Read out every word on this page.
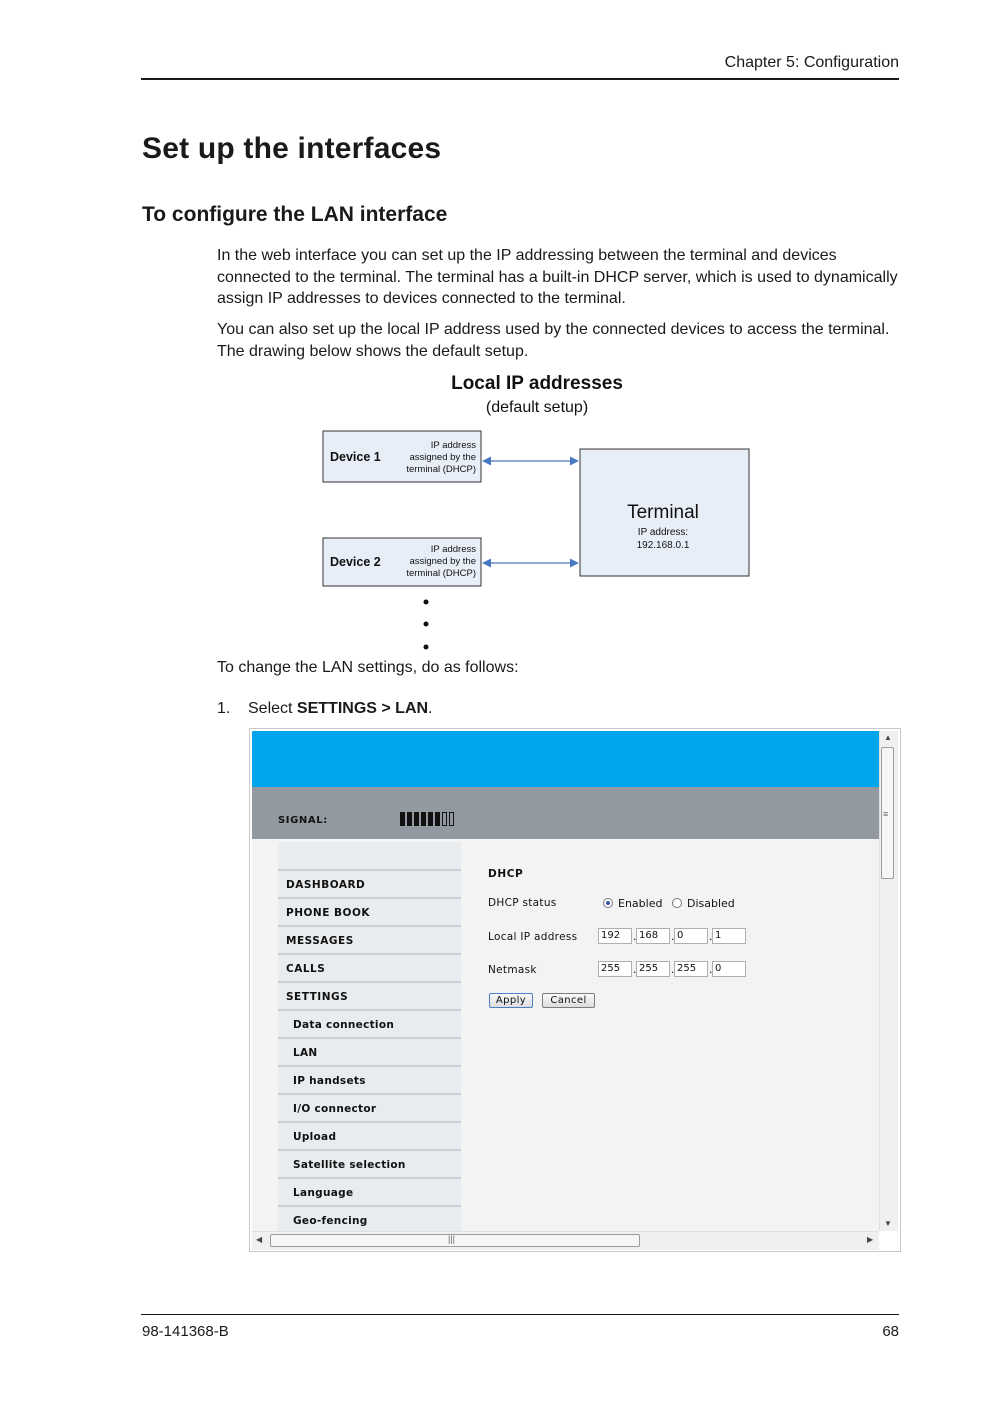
Chapter 5: Configuration
Set up the interfaces
To configure the LAN interface
In the web interface you can set up the IP addressing between the terminal and devices connected to the terminal. The terminal has a built-in DHCP server, which is used to dynamically assign IP addresses to devices connected to the terminal.
You can also set up the local IP address used by the connected devices to access the terminal. The drawing below shows the default setup.
Local IP addresses
(default setup)
Device 1
IP address
assigned by the
terminal (DHCP)
Device 2
IP address
assigned by the
terminal (DHCP)
Terminal
IP address:
192.168.0.1
To change the LAN settings, do as follows:
1. Select SETTINGS > LAN.
SIGNAL:
DASHBOARD
PHONE BOOK
MESSAGES
CALLS
SETTINGS
Data connection
LAN
IP handsets
I/O connector
Upload
Satellite selection
Language
Geo-fencing
DHCP
DHCP status	Enabled Disabled
Local IP address	192	. 168	. 0	. 1
Netmask	255	. 255	. 255	. 0
Apply	Cancel
▲
▼
≡
◀	▶
|||
98-141368-B	68
